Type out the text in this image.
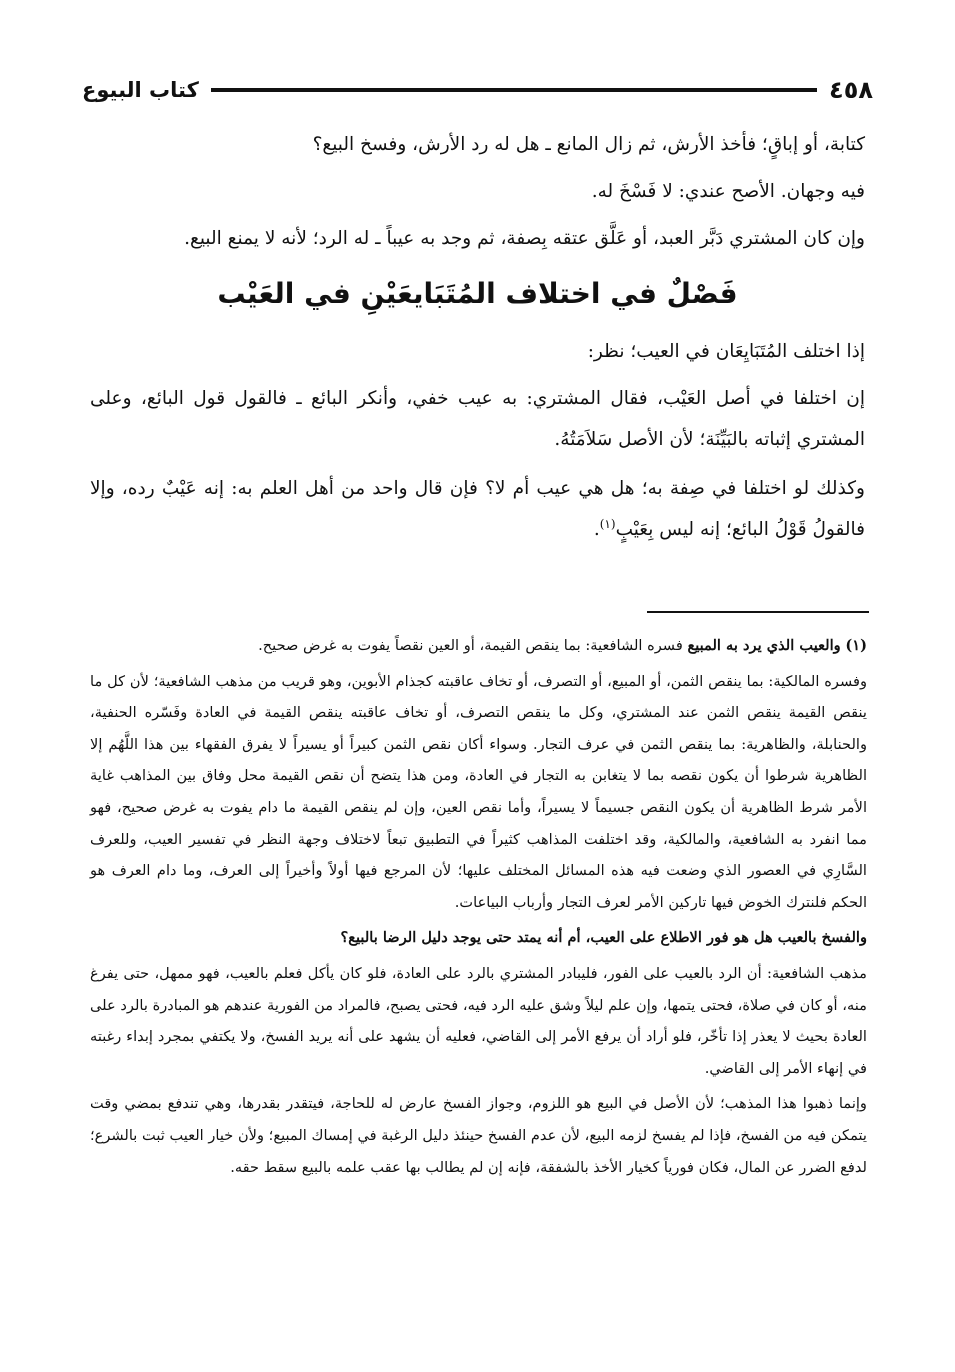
٤٥٨
كتاب البيوع

كتابة، أو إباقٍ؛ فأخذ الأرش، ثم زال المانع ـ هل له رد الأرش، وفسخ البيع؟

فيه وجهان. الأصح عندي: لا فَسْخَ له.

وإن كان المشتري دَبَّر العبد، أو عَلَّق عتقه بِصفة، ثم وجد به عيباً ـ له الرد؛ لأنه لا يمنع البيع.

فَصْلٌ في اختلاف المُتَبَايعَيْنِ في العَيْب

إذا اختلف المُتَبَايِعَان في العيب؛ نظر:

إن اختلفا في أصل العَيْب، فقال المشتري: به عيب خفي، وأنكر البائع ـ فالقول قول البائع، وعلى المشتري إثباته بالبَيِّنَة؛ لأن الأصل سَلاَمَتُهُ.

وكذلك لو اختلفا في صِفة به؛ هل هي عيب أم لا؟ فإن قال واحد من أهل العلم به: إنه عَيْبٌ رده، وإلا فالقولُ قَوْلُ البائع؛ إنه ليس بِعَيْبٍ$^{(١)}$.

(١) والعيب الذي يرد به المبيع فسره الشافعية: بما ينقص القيمة، أو العين نقصاً يفوت به غرض صحيح.

وفسره المالكية: بما ينقص الثمن، أو المبيع، أو التصرف، أو تخاف عاقبته كجذام الأبوين، وهو قريب من مذهب الشافعية؛ لأن كل ما ينقص القيمة ينقص الثمن عند المشتري، وكل ما ينقص التصرف، أو تخاف عاقبته ينقص القيمة في العادة وفَسّره الحنفية، والحنابلة، والظاهرية: بما ينقص الثمن في عرف التجار. وسواء أكان نقص الثمن كبيراً أو يسيراً لا يفرق الفقهاء بين هذا اللَّهُم إلا الظاهرية شرطوا أن يكون نقصه بما لا يتغابن به التجار في العادة، ومن هذا يتضح أن نقص القيمة محل وفاق بين المذاهب غاية الأمر شرط الظاهرية أن يكون النقص جسيماً لا يسيراً، وأما نقص العين، وإن لم ينقص القيمة ما دام يفوت به غرض صحيح، فهو مما انفرد به الشافعية، والمالكية، وقد اختلفت المذاهب كثيراً في التطبيق تبعاً لاختلاف وجهة النظر في تفسير العيب، وللعرف السَّارِي في العصور الذي وضعت فيه هذه المسائل المختلف عليها؛ لأن المرجع فيها أولاً وأخيراً إلى العرف، وما دام العرف هو الحكم فلنترك الخوض فيها تاركين الأمر لعرف التجار وأرباب البياعات.

والفسخ بالعيب هل هو فور الاطلاع على العيب، أم أنه يمتد حتى يوجد دليل الرضا بالبيع؟

مذهب الشافعية: أن الرد بالعيب على الفور، فليبادر المشتري بالرد على العادة، فلو كان يأكل فعلم بالعيب، فهو ممهل، حتى يفرغ منه، أو كان في صلاة، فحتى يتمها، وإن علم ليلاً وشق عليه الرد فيه، فحتى يصبح، فالمراد من الفورية عندهم هو المبادرة بالرد على العادة بحيث لا يعذر إذا تأخّر، فلو أراد أن يرفع الأمر إلى القاضي، فعليه أن يشهد على أنه يريد الفسخ، ولا يكتفي بمجرد إبداء رغبته في إنهاء الأمر إلى القاضي.

وإنما ذهبوا هذا المذهب؛ لأن الأصل في البيع هو اللزوم، وجواز الفسخ عارض له للحاجة، فيتقدر بقدرها، وهي تندفع بمضي وقت يتمكن فيه من الفسخ، فإذا لم يفسخ لزمه البيع، لأن عدم الفسخ حينئذ دليل الرغبة في إمساك المبيع؛ ولأن خيار العيب ثبت بالشرع؛ لدفع الضرر عن المال، فكان فورياً كخيار الأخذ بالشفقة، فإنه إن لم يطالب بها عقب علمه بالبيع سقط حقه.
